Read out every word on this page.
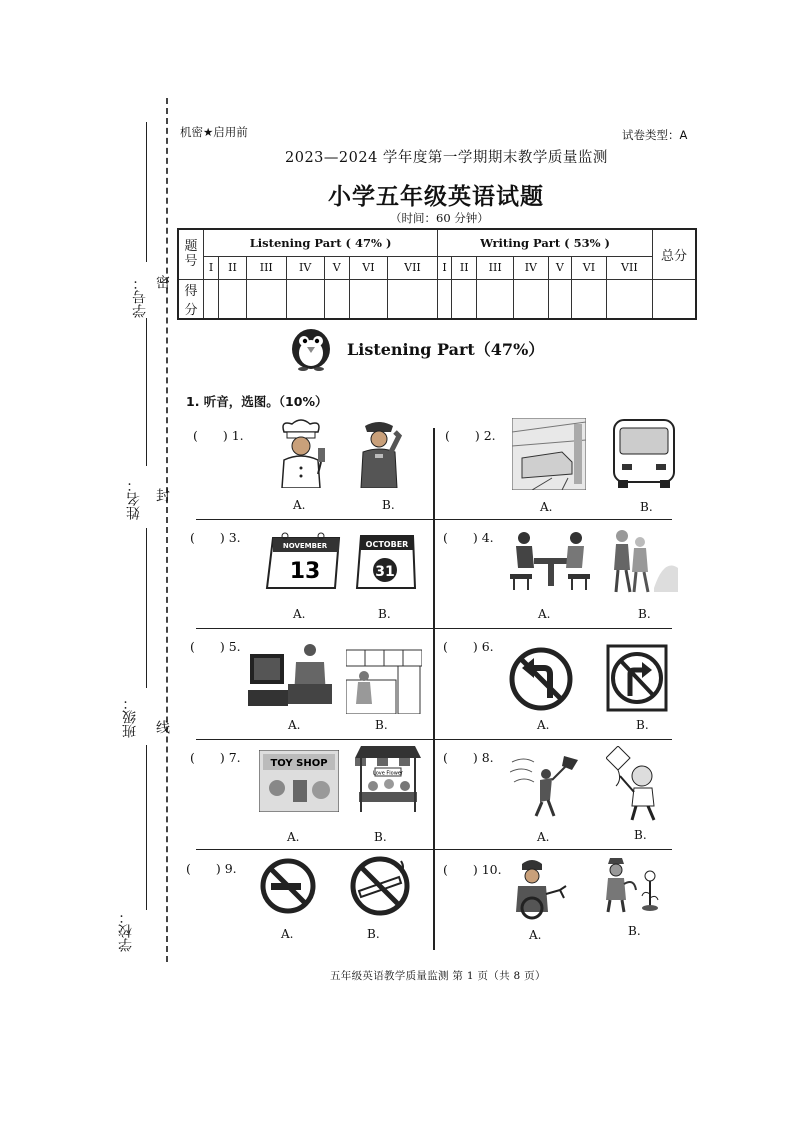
密
封
线
学号：
姓名：
班级：
学校：
机密★启用前	试卷类型：A
2023—2024 学年度第一学期期末教学质量监测
小学五年级英语试题
（时间：60 分钟）
题号	Listening Part ( 47% )							Writing Part ( 53% )							总分
	I	II	III	IV	V	VI	VII	I	II	III	IV	V	VI	VII	
得分															
Listening Part（47%）
1. 听音，选图。（10%）
(　　) 1.
A.	B.
(　　) 2.
A.	B.
(　　) 3.
NOVEMBER
13
OCTOBER
31
A.	B.
(　　) 4.
A.	B.
(　　) 5.
A.	B.
(　　) 6.
A.	B.
(　　) 7.	TOY SHOP
Love Flower
A.	B.
(　　) 8.
A.	B.
(　　) 9.
A.	B.
(　　) 10.
A.	B.
五年级英语教学质量监测 第 1 页（共 8 页）
